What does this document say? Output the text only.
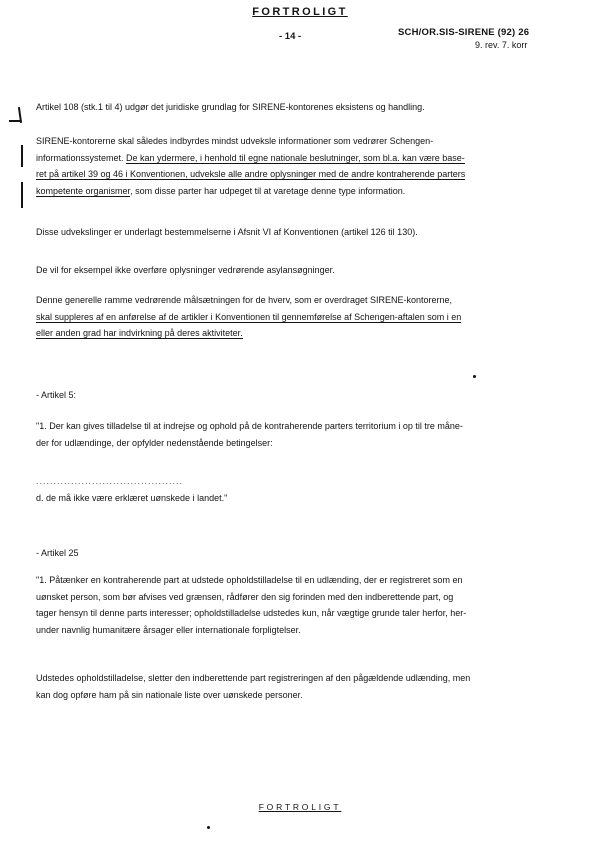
FORTROLIGT
- 14 -	SCH/OR.SIS-SIRENE (92) 26
9. rev. 7. korr
Artikel 108 (stk.1 til 4) udgør det juridiske grundlag for SIRENE-kontorenes eksistens og handling.
SIRENE-kontorerne skal således indbyrdes mindst udveksle informationer som vedrører Schengen-
informationssystemet. De kan ydermere, i henhold til egne nationale beslutninger, som bl.a. kan være base-
ret på artikel 39 og 46 i Konventionen, udveksle alle andre oplysninger med de andre kontraherende parters
kompetente organismer, som disse parter har udpeget til at varetage denne type information.
Disse udvekslinger er underlagt bestemmelserne i Afsnit VI af Konventionen (artikel 126 til 130).
De vil for eksempel ikke overføre oplysninger vedrørende asylansøgninger.
Denne generelle ramme vedrørende målsætningen for de hverv, som er overdraget SIRENE-kontorerne,
skal suppleres af en anførelse af de artikler i Konventionen til gennemførelse af Schengen-aftalen som i en
eller anden grad har indvirkning på deres aktiviteter.
- Artikel 5:
"1. Der kan gives tilladelse til at indrejse og ophold på de kontraherende parters territorium i op til tre måne-
der for udlændinge, der opfylder nedenstående betingelser:
..........................................
d. de må ikke være erklæret uønskede i landet."
- Artikel 25
"1. Påtænker en kontraherende part at udstede opholdstilladelse til en udlænding, der er registreret som en
uønsket person, som bør afvises ved grænsen, rådfører den sig forinden med den indberettende part, og
tager hensyn til denne parts interesser; opholdstilladelse udstedes kun, når vægtige grunde taler herfor, her-
under navnlig humanitære årsager eller internationale forpligtelser.
Udstedes opholdstilladelse, sletter den indberettende part registreringen af den pågældende udlænding, men
kan dog opføre ham på sin nationale liste over uønskede personer.
FORTROLIGT
